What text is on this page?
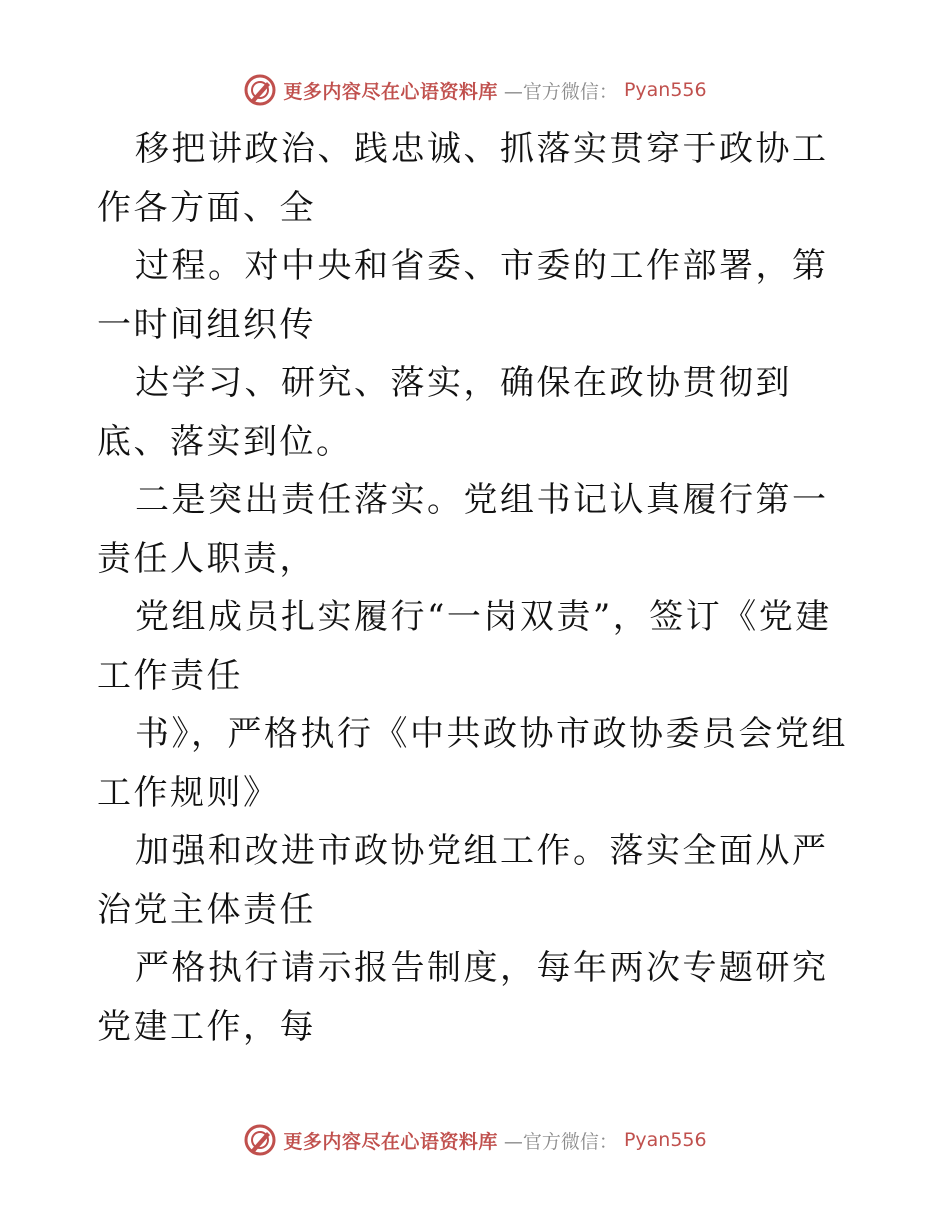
更多内容尽在心语资料库 —官方微信： Pyan556

移把讲政治、践忠诚、抓落实贯穿于政协工作各方面、全

过程。对中央和省委、市委的工作部署，第一时间组织传

达学习、研究、落实，确保在政协贯彻到底、落实到位。

二是突出责任落实。党组书记认真履行第一责任人职责，

党组成员扎实履行“一岗双责”，签订《党建工作责任

书》，严格执行《中共政协市政协委员会党组工作规则》

加强和改进市政协党组工作。落实全面从严治党主体责任

严格执行请示报告制度，每年两次专题研究党建工作，每

更多内容尽在心语资料库 —官方微信： Pyan556
